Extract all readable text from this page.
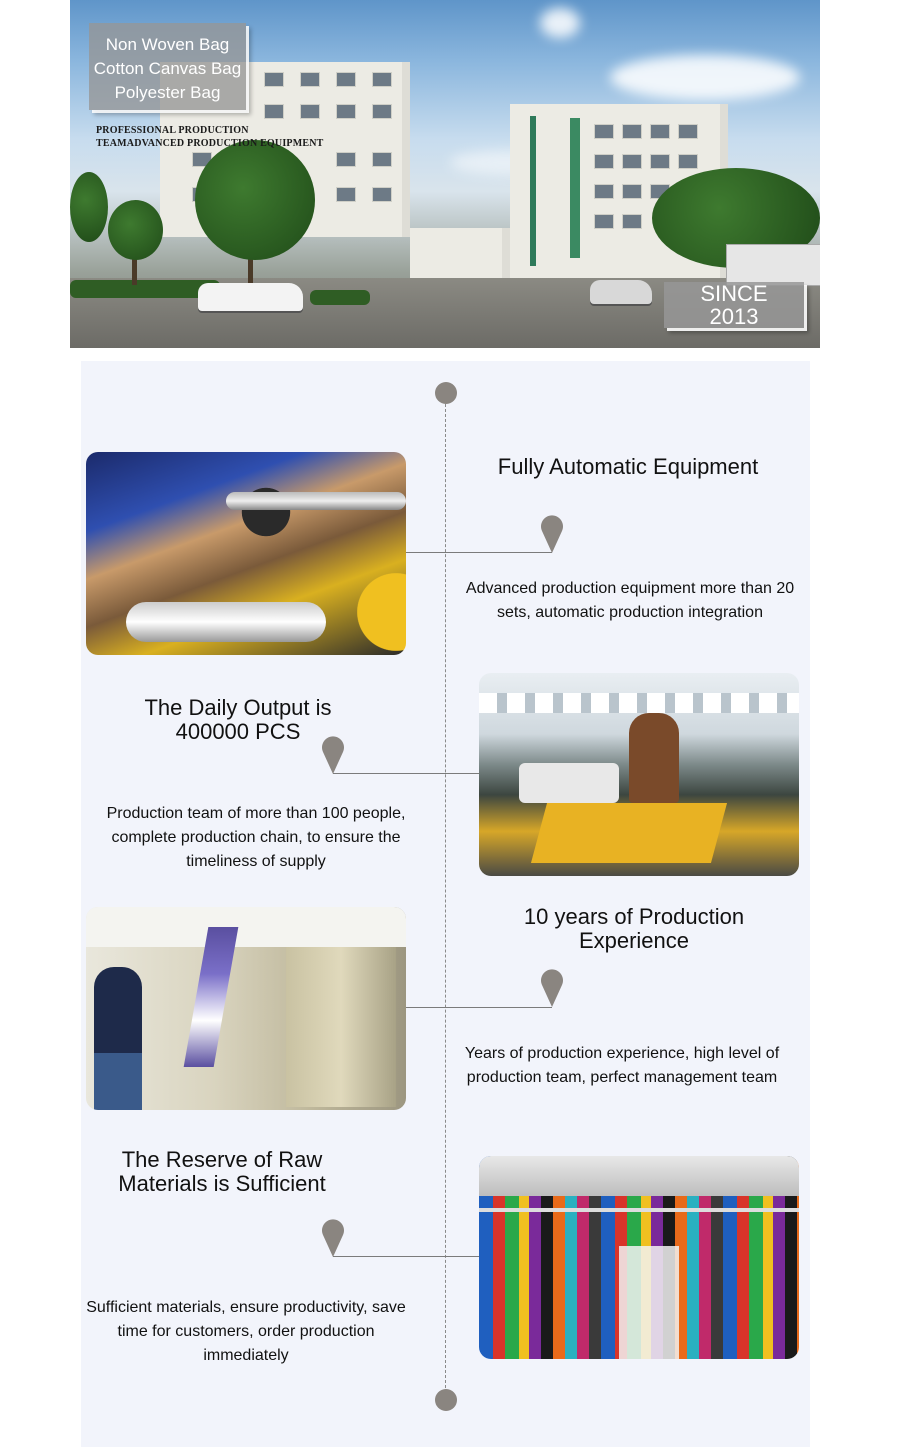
Non Woven Bag
Cotton Canvas Bag
Polyester Bag
PROFESSIONAL PRODUCTION TEAMADVANCED PRODUCTION EQUIPMENT
SINCE
2013
Fully Automatic Equipment
Advanced production equipment more than 20 sets, automatic production integration
The Daily Output is 400000 PCS
Production team of more than 100 people, complete production chain, to ensure the timeliness of supply
10 years of Production Experience
Years of production experience, high level of production team, perfect management team
The Reserve of Raw Materials is Sufficient
Sufficient materials, ensure productivity, save time for customers, order production immediately
